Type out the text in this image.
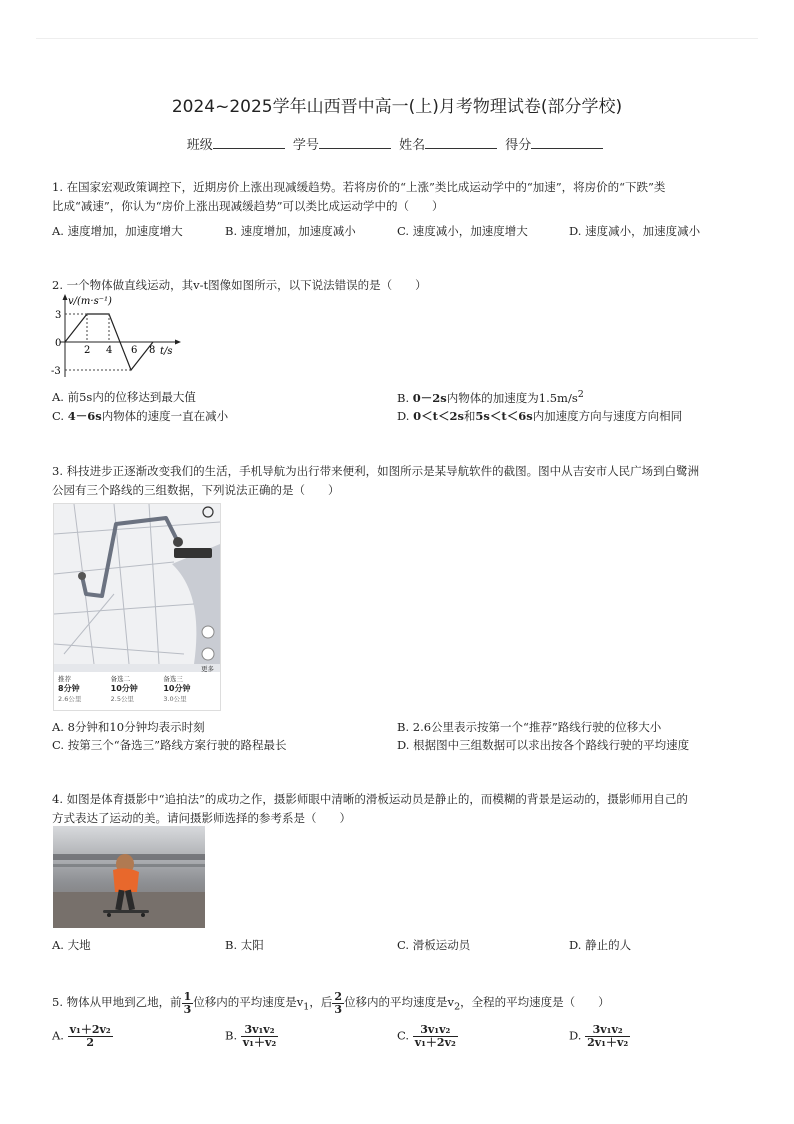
2024~2025学年山西晋中高一(上)月考物理试卷(部分学校)
班级	学号	姓名	得分
1. 在国家宏观政策调控下，近期房价上涨出现减缓趋势。若将房价的“上涨”类比成运动学中的“加速”，将房价的“下跌”类
比成“减速”，你认为“房价上涨出现减缓趋势”可以类比成运动学中的（　　）
A. 速度增加，加速度增大	B. 速度增加，加速度减小	C. 速度减小，加速度增大	D. 速度减小，加速度减小
2. 一个物体做直线运动，其v-t图像如图所示，以下说法错误的是（　　）
v/(m·s⁻¹)
3
0
-3
2 4 6 8 t/s
A. 前5s内的位移达到最大值	B. 0－2s内物体的加速度为$1.5m/s^2$
C. 4－6s内物体的速度一直在减小	D. 0＜t＜2s和5s＜t＜6s内加速度方向与速度方向相同
3. 科技进步正逐渐改变我们的生活，手机导航为出行带来便利，如图所示是某导航软件的截图。图中从吉安市人民广场到白鹭洲
公园有三个路线的三组数据，下列说法正确的是（　　）
更多
推荐
8分钟
2.6公里
备选二
10分钟
2.5公里
备选三
10分钟
3.0公里
A. 8分钟和10分钟均表示时刻	B. 2.6公里表示按第一个“推荐”路线行驶的位移大小
C. 按第三个“备选三”路线方案行驶的路程最长	D. 根据图中三组数据可以求出按各个路线行驶的平均速度
4. 如图是体育摄影中“追拍法”的成功之作，摄影师眼中清晰的滑板运动员是静止的，而模糊的背景是运动的，摄影师用自己的
方式表达了运动的美。请问摄影师选择的参考系是（　　）
A. 大地	B. 太阳	C. 滑板运动员	D. 静止的人
5. 物体从甲地到乙地，前 $\frac{1}{3}$ 位移内的平均速度是$v_1$，后 $\frac{2}{3}$ 位移内的平均速度是$v_2$，全程的平均速度是（　　）
A. $\frac{\text{v₁＋2v₂}}{2}$	B. $\frac{\text{3v₁v₂}}{\text{v₁＋v₂}}$	C. $\frac{\text{3v₁v₂}}{\text{v₁＋2v₂}}$	D. $\frac{\text{3v₁v₂}}{\text{2v₁＋v₂}}$
